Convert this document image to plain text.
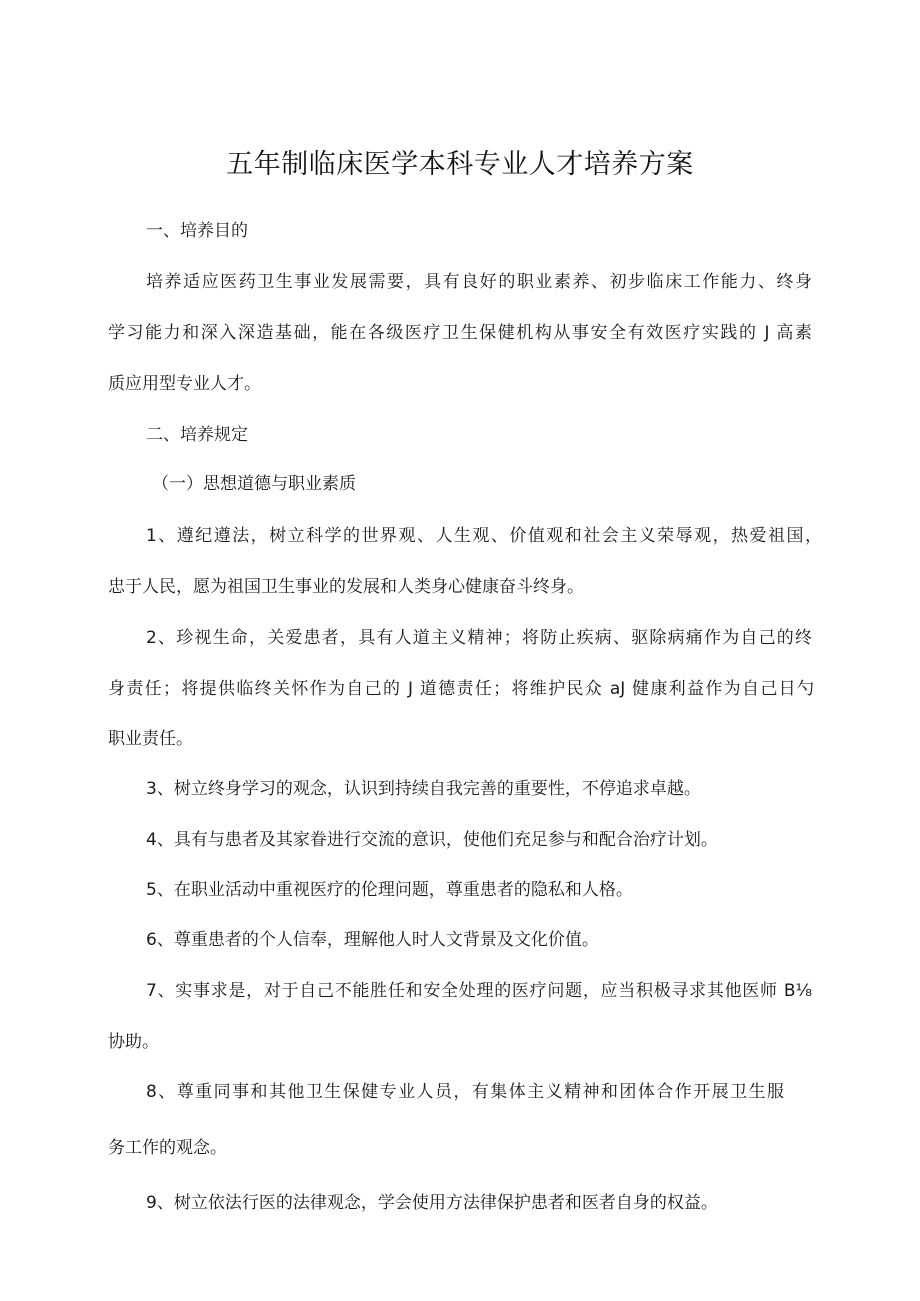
五年制临床医学本科专业人才培养方案
一、培养目的
培养适应医药卫生事业发展需要，具有良好的职业素养、初步临床工作能力、终身
学习能力和深入深造基础，能在各级医疗卫生保健机构从事安全有效医疗实践的 J 高素
质应用型专业人才。
二、培养规定
（一）思想道德与职业素质
1、遵纪遵法，树立科学的世界观、人生观、价值观和社会主义荣辱观，热爱祖国，
忠于人民，愿为祖国卫生事业的发展和人类身心健康奋斗终身。
2、珍视生命，关爱患者，具有人道主义精神；将防止疾病、驱除病痛作为自己的终
身责任；将提供临终关怀作为自己的 J 道德责任；将维护民众 aJ 健康利益作为自己日勺
职业责任。
3、树立终身学习的观念，认识到持续自我完善的重要性，不停追求卓越。
4、具有与患者及其家眷进行交流的意识，使他们充足参与和配合治疗计划。
5、在职业活动中重视医疗的伦理问题，尊重患者的隐私和人格。
6、尊重患者的个人信奉，理解他人时人文背景及文化价值。
7、实事求是，对于自己不能胜任和安全处理的医疗问题，应当积极寻求其他医师 B⅛
协助。
8、尊重同事和其他卫生保健专业人员，有集体主义精神和团体合作开展卫生服
务工作的观念。
9、树立依法行医的法律观念，学会使用方法律保护患者和医者自身的权益。
